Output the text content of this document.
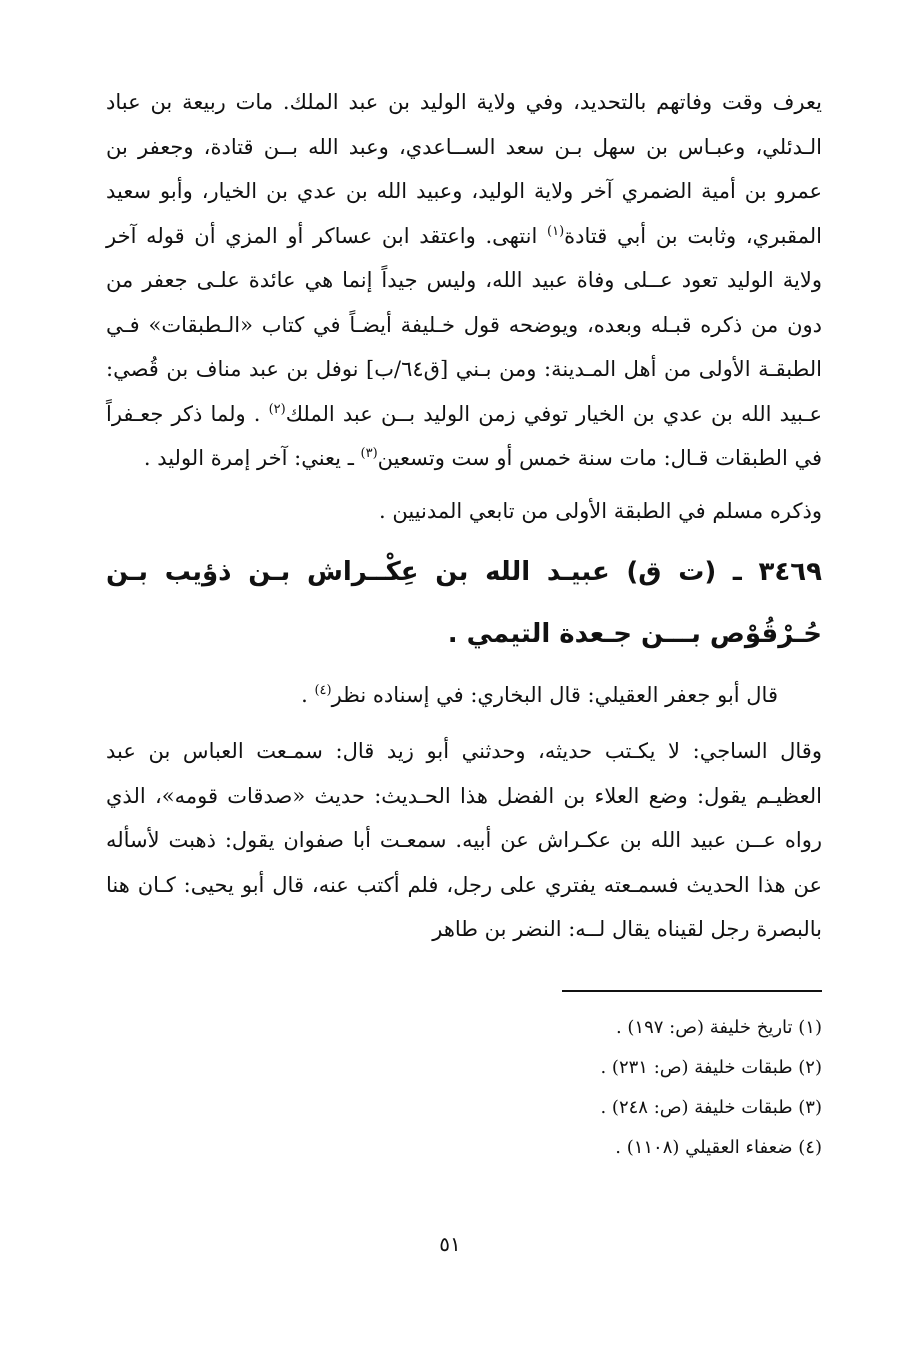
يعرف وقت وفاتهم بالتحديد، وفي ولاية الوليد بن عبد الملك. مات ربيعة بن عباد الـدئلي، وعبـاس بن سهل بـن سعد الســاعدي، وعبد الله بــن قتادة، وجعفر بن عمرو بن أمية الضمري آخر ولاية الوليد، وعبيد الله بن عدي بن الخيار، وأبو سعيد المقبري، وثابت بن أبي قتادة$^{(١)}$ انتهى. واعتقد ابن عساكر أو المزي أن قوله آخر ولاية الوليد تعود عــلى وفاة عبيد الله، وليس جيداً إنما هي عائدة علـى جعفر من دون من ذكره قبـله وبعده، ويوضحه قول خـليفة أيضـاً في كتاب «الـطبقات» فـي الطبقـة الأولى من أهل المـدينة: ومن بـني [ق٦٤/ب] نوفل بن عبد مناف بن قُصي: عـبيد الله بن عدي بن الخيار توفي زمن الوليد بــن عبد الملك$^{(٢)}$ . ولما ذكر جعـفراً في الطبقات قـال: مات سنة خمس أو ست وتسعين$^{(٣)}$ ـ يعني: آخر إمرة الوليد .

وذكره مسلم في الطبقة الأولى من تابعي المدنيين .

٣٤٦٩ ـ (ت ق) عبيـد الله بن عِكْــراش بـن ذؤيب بـن حُـرْقُوْص بـــن جـعدة التيمي .

قال أبو جعفر العقيلي: قال البخاري: في إسناده نظر$^{(٤)}$ .

وقال الساجي: لا يكـتب حديثه، وحدثني أبو زيد قال: سمـعت العباس بن عبد العظيـم يقول: وضع العلاء بن الفضل هذا الحـديث: حديث «صدقات قومه»، الذي رواه عــن عبيد الله بن عكـراش عن أبيه. سمعـت أبا صفوان يقول: ذهبت لأسأله عن هذا الحديث فسمـعته يفتري على رجل، فلم أكتب عنه، قال أبو يحيى: كـان هنا بالبصرة رجل لقيناه يقال لــه: النضر بن طاهر

(١) تاريخ خليفة (ص: ١٩٧) .

(٢) طبقات خليفة (ص: ٢٣١) .

(٣) طبقات خليفة (ص: ٢٤٨) .

(٤) ضعفاء العقيلي (١١٠٨) .

٥١
